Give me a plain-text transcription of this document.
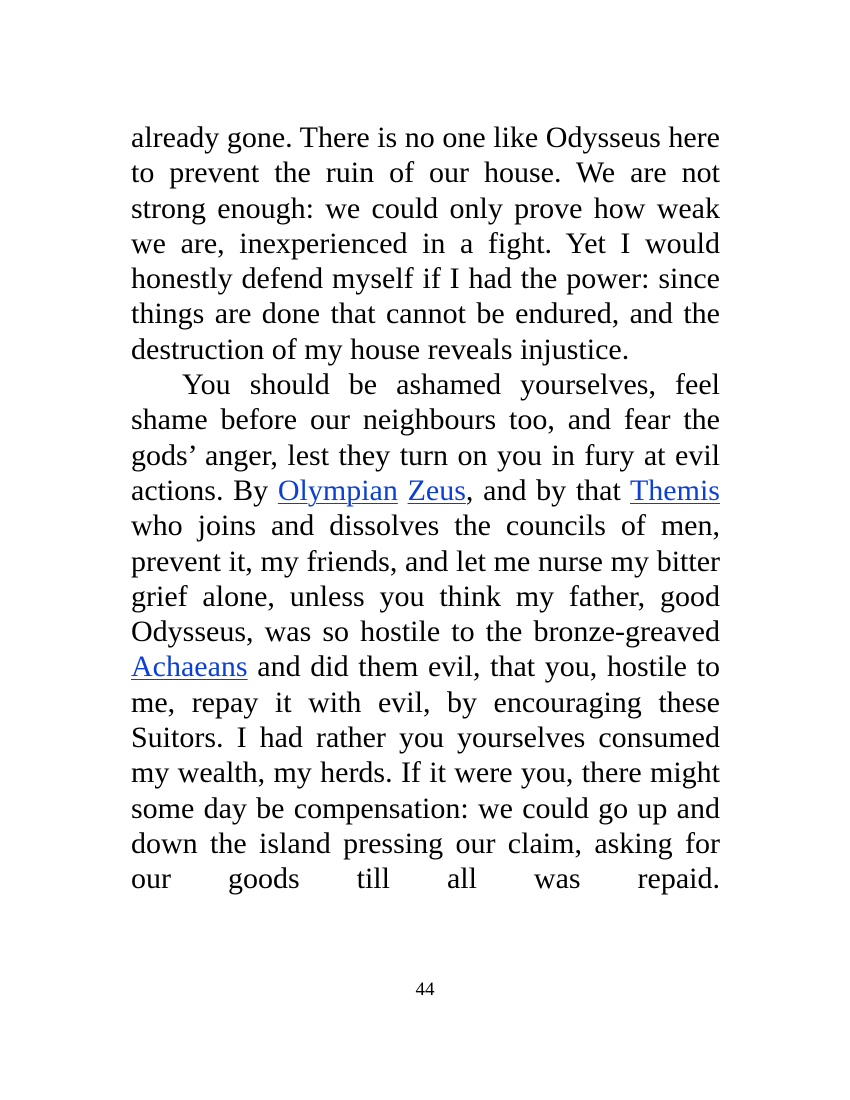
already gone. There is no one like Odysseus here to prevent the ruin of our house. We are not strong enough: we could only prove how weak we are, inexperienced in a fight. Yet I would honestly defend myself if I had the power: since things are done that cannot be endured, and the destruction of my house reveals injustice.

You should be ashamed yourselves, feel shame before our neighbours too, and fear the gods’ anger, lest they turn on you in fury at evil actions. By Olympian Zeus, and by that Themis who joins and dissolves the councils of men, prevent it, my friends, and let me nurse my bitter grief alone, unless you think my father, good Odysseus, was so hostile to the bronze-greaved Achaeans and did them evil, that you, hostile to me, repay it with evil, by encouraging these Suitors. I had rather you yourselves consumed my wealth, my herds. If it were you, there might some day be compensation: we could go up and down the island pressing our claim, asking for our goods till all was repaid.

44
